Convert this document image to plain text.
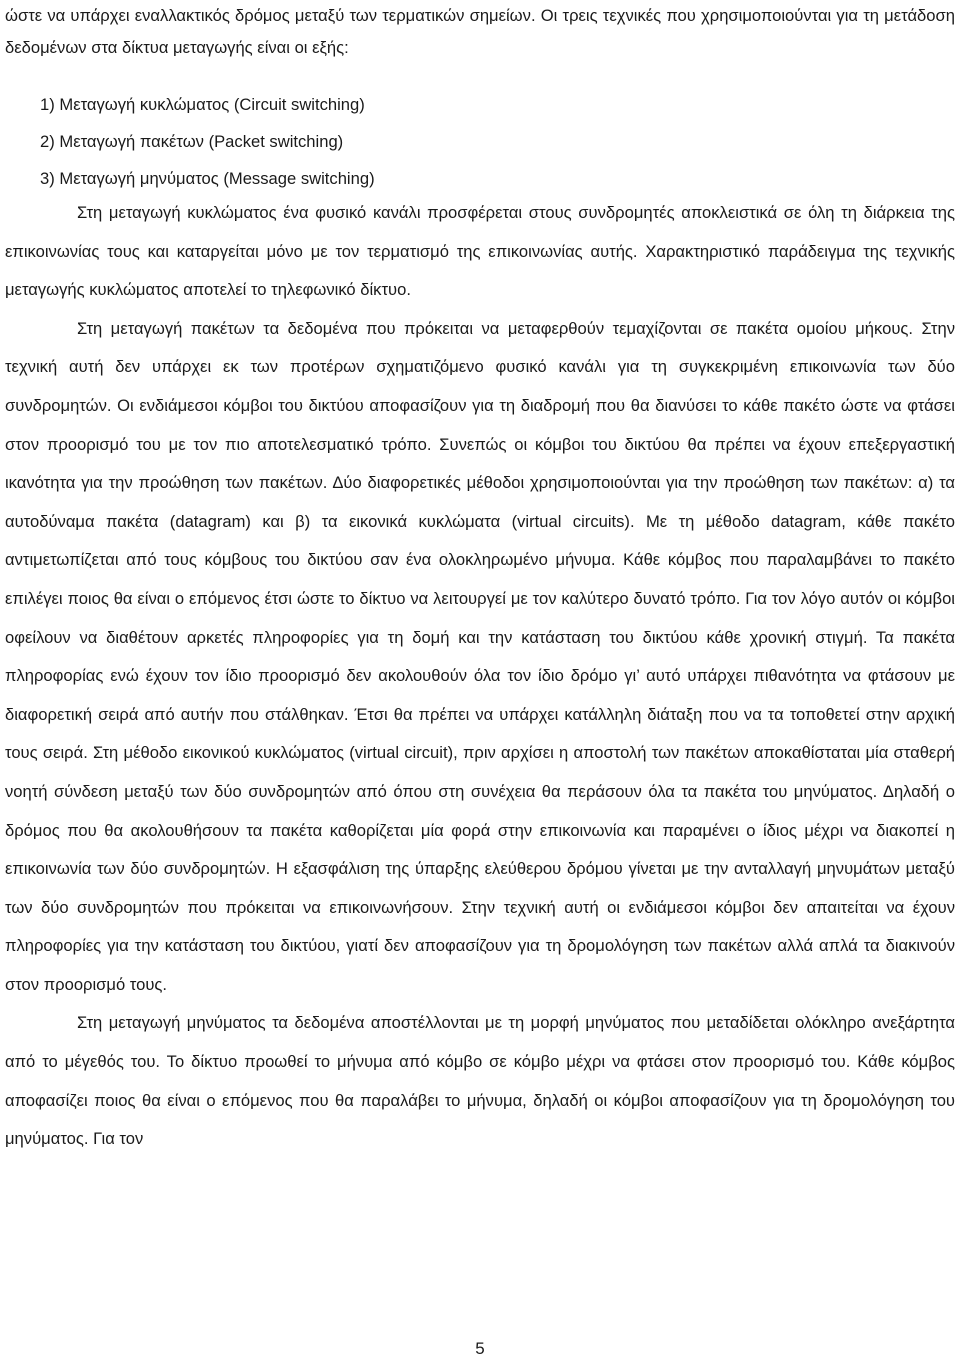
ώστε να υπάρχει εναλλακτικός δρόμος μεταξύ των τερματικών σημείων. Οι τρεις τεχνικές που χρησιμοποιούνται για τη μετάδοση δεδομένων στα δίκτυα μεταγωγής είναι οι εξής:

1) Μεταγωγή κυκλώματος (Circuit switching)
2) Μεταγωγή πακέτων (Packet switching)
3) Μεταγωγή μηνύματος (Message switching)

Στη μεταγωγή κυκλώματος ένα φυσικό κανάλι προσφέρεται στους συνδρομητές αποκλειστικά σε όλη τη διάρκεια της επικοινωνίας τους και καταργείται μόνο με τον τερματισμό της επικοινωνίας αυτής. Χαρακτηριστικό παράδειγμα της τεχνικής μεταγωγής κυκλώματος αποτελεί το τηλεφωνικό δίκτυο.

Στη μεταγωγή πακέτων τα δεδομένα που πρόκειται να μεταφερθούν τεμαχίζονται σε πακέτα ομοίου μήκους. Στην τεχνική αυτή δεν υπάρχει εκ των προτέρων σχηματιζόμενο φυσικό κανάλι για τη συγκεκριμένη επικοινωνία των δύο συνδρομητών. Οι ενδιάμεσοι κόμβοι του δικτύου αποφασίζουν για τη διαδρομή που θα διανύσει το κάθε πακέτο ώστε να φτάσει στον προορισμό του με τον πιο αποτελεσματικό τρόπο. Συνεπώς οι κόμβοι του δικτύου θα πρέπει να έχουν επεξεργαστική ικανότητα για την προώθηση των πακέτων. Δύο διαφορετικές μέθοδοι χρησιμοποιούνται για την προώθηση των πακέτων: α) τα αυτοδύναμα πακέτα (datagram) και β) τα εικονικά κυκλώματα (virtual circuits). Με τη μέθοδο datagram, κάθε πακέτο αντιμετωπίζεται από τους κόμβους του δικτύου σαν ένα ολοκληρωμένο μήνυμα. Κάθε κόμβος που παραλαμβάνει το πακέτο επιλέγει ποιος θα είναι ο επόμενος έτσι ώστε το δίκτυο να λειτουργεί με τον καλύτερο δυνατό τρόπο. Για τον λόγο αυτόν οι κόμβοι οφείλουν να διαθέτουν αρκετές πληροφορίες για τη δομή και την κατάσταση του δικτύου κάθε χρονική στιγμή. Τα πακέτα πληροφορίας ενώ έχουν τον ίδιο προορισμό δεν ακολουθούν όλα τον ίδιο δρόμο γι’ αυτό υπάρχει πιθανότητα να φτάσουν με διαφορετική σειρά από αυτήν που στάλθηκαν. Έτσι θα πρέπει να υπάρχει κατάλληλη διάταξη που να τα τοποθετεί στην αρχική τους σειρά. Στη μέθοδο εικονικού κυκλώματος (virtual circuit), πριν αρχίσει η αποστολή των πακέτων αποκαθίσταται μία σταθερή νοητή σύνδεση μεταξύ των δύο συνδρομητών από όπου στη συνέχεια θα περάσουν όλα τα πακέτα του μηνύματος. Δηλαδή ο δρόμος που θα ακολουθήσουν τα πακέτα καθορίζεται μία φορά στην επικοινωνία και παραμένει ο ίδιος μέχρι να διακοπεί η επικοινωνία των δύο συνδρομητών. Η εξασφάλιση της ύπαρξης ελεύθερου δρόμου γίνεται με την ανταλλαγή μηνυμάτων μεταξύ των δύο συνδρομητών που πρόκειται να επικοινωνήσουν. Στην τεχνική αυτή οι ενδιάμεσοι κόμβοι δεν απαιτείται να έχουν πληροφορίες για την κατάσταση του δικτύου, γιατί δεν αποφασίζουν για τη δρομολόγηση των πακέτων αλλά απλά τα διακινούν στον προορισμό τους.

Στη μεταγωγή μηνύματος τα δεδομένα αποστέλλονται με τη μορφή μηνύματος που μεταδίδεται ολόκληρο ανεξάρτητα από το μέγεθός του. Το δίκτυο προωθεί το μήνυμα από κόμβο σε κόμβο μέχρι να φτάσει στον προορισμό του. Κάθε κόμβος αποφασίζει ποιος θα είναι ο επόμενος που θα παραλάβει το μήνυμα, δηλαδή οι κόμβοι αποφασίζουν για τη δρομολόγηση του μηνύματος. Για τον

5
